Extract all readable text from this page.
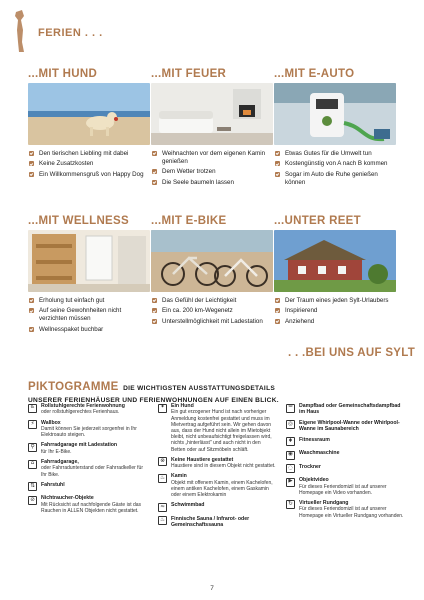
FERIEN . . .
...MIT HUND
Den tierischen Liebling mit dabei
Keine Zusatzkosten
Ein Willkommensgruß von Happy Dog
...MIT FEUER
Weihnachten vor dem eigenen Kamin genießen
Dem Wetter trotzen
Die Seele baumeln lassen
...MIT E-AUTO
Etwas Gutes für die Umwelt tun
Kostengünstig von A nach B kommen
Sogar im Auto die Ruhe genießen können
...MIT WELLNESS
Erholung tut einfach gut
Auf seine Gewohnheiten nicht verzichten müssen
Wellnesspaket buchbar
...MIT E-BIKE
Das Gefühl der Leichtigkeit
Ein ca. 200 km-Wegenetz
Unterstellmöglichkeit mit Ladestation
...UNTER REET
Der Traum eines jeden Sylt-Urlaubers
Inspirierend
Anziehend
. . .BEI UNS AUF SYLT
PIKTOGRAMME DIE WICHTIGSTEN AUSSTATTUNGSDETAILS
UNSERER FERIENHÄUSER UND FERIENWOHNUNGEN AUF EINEN BLICK.
♿	Rollstuhlgerechte Ferienwohnung
oder rollstuhlgerechtes Ferienhaus.
⚡	Wallbox
Damit können Sie jederzeit sorgenfrei in Ihr Elektroauto steigen.
⚲	Fahrradgarage mit Ladestation
für Ihr E-Bike.
⌂	Fahrradgarage,
oder Fahrradunterstand oder Fahrradkeller für Ihr Bike.
⇅	Fahrstuhl
⊘	Nichtraucher-Objekte
Mit Rücksicht auf nachfolgende Gäste ist das Rauchen in ALLEN Objekten nicht gestattet.
✦	Ein Hund
Ein gut erzogener Hund ist nach vorheriger Anmeldung kostenfrei gestattet und muss im Mietvertrag aufgeführt sein. Wir gehen davon aus, dass der Hund nicht allein im Mietobjekt bleibt, nicht unbeaufsichtigt freigelassen wird, nichts „hinterlässt" und auch nicht in den Betten oder auf Sitzmöbeln schläft.
⊗	Keine Haustiere gestattet
Haustiere sind in diesem Objekt nicht gestattet.
♨	Kamin
Objekt mit offenem Kamin, einem Kachelofen, einem antiken Kachelofen, einem Gaskamin oder einem Elektrokamin
≈	Schwimmbad
♨	Finnische Sauna / Infrarot- oder Gemeinschaftssauna
♒	Dampfbad oder Gemeinschaftsdampfbad im Haus
◎	Eigene Whirlpool-Wanne oder Whirlpool-Wanne im Saunabereich
♦	Fitnessraum
◉	Waschmaschine
◌	Trockner
▶	Objektvideo
Für dieses Feriendomizil ist auf unserer Homepage ein Video vorhanden.
↻	Virtueller Rundgang
Für dieses Feriendomizil ist auf unserer Homepage ein Virtueller Rundgang vorhanden.
7
